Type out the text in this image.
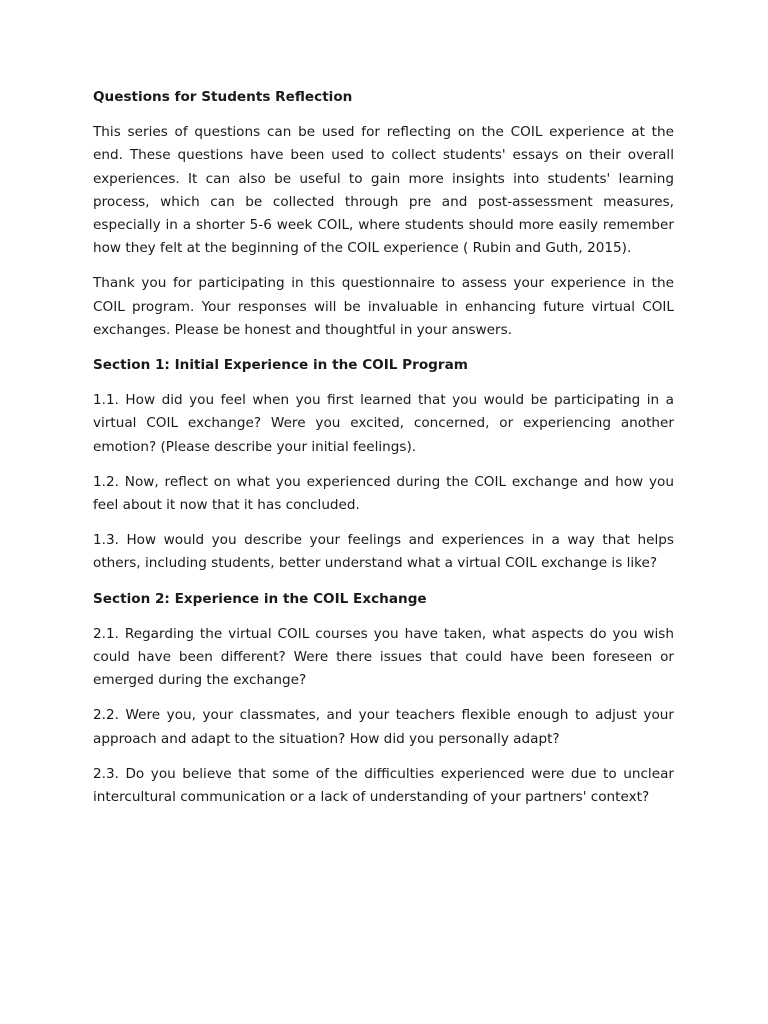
Questions for Students Reflection

This series of questions can be used for reflecting on the COIL experience at the end. These questions have been used to collect students' essays on their overall experiences. It can also be useful to gain more insights into students' learning process, which can be collected through pre and post-assessment measures, especially in a shorter 5-6 week COIL, where students should more easily remember how they felt at the beginning of the COIL experience ( Rubin and Guth, 2015).

Thank you for participating in this questionnaire to assess your experience in the COIL program. Your responses will be invaluable in enhancing future virtual COIL exchanges. Please be honest and thoughtful in your answers.

Section 1: Initial Experience in the COIL Program

1.1. How did you feel when you first learned that you would be participating in a virtual COIL exchange? Were you excited, concerned, or experiencing another emotion? (Please describe your initial feelings).

1.2. Now, reflect on what you experienced during the COIL exchange and how you feel about it now that it has concluded.

1.3. How would you describe your feelings and experiences in a way that helps others, including students, better understand what a virtual COIL exchange is like?

Section 2: Experience in the COIL Exchange

2.1. Regarding the virtual COIL courses you have taken, what aspects do you wish could have been different? Were there issues that could have been foreseen or emerged during the exchange?

2.2. Were you, your classmates, and your teachers flexible enough to adjust your approach and adapt to the situation? How did you personally adapt?

2.3. Do you believe that some of the difficulties experienced were due to unclear intercultural communication or a lack of understanding of your partners' context?
